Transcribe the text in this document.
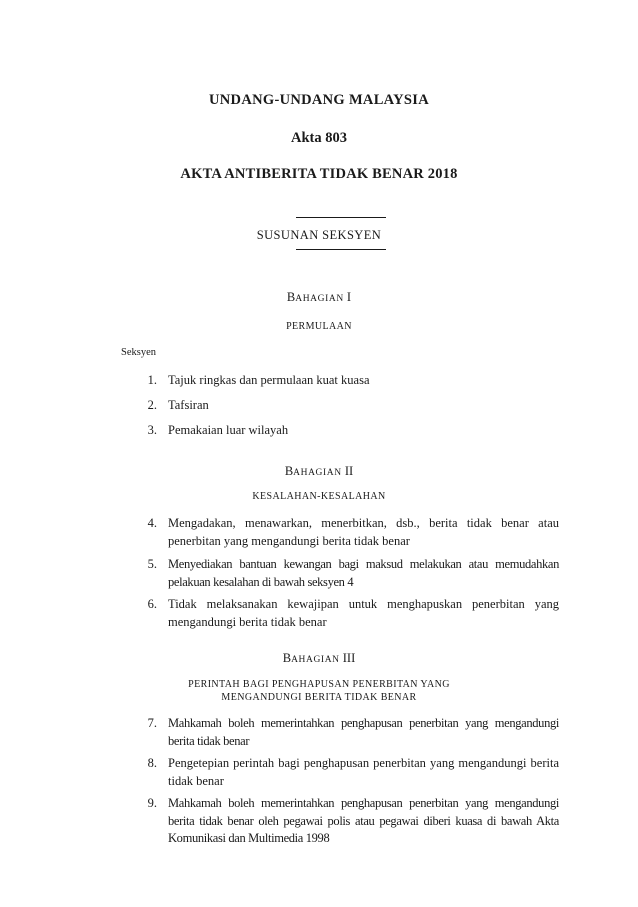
UNDANG-UNDANG MALAYSIA
Akta 803
AKTA ANTIBERITA TIDAK BENAR 2018
SUSUNAN SEKSYEN
BAHAGIAN I
PERMULAAN
Seksyen
1. Tajuk ringkas dan permulaan kuat kuasa
2. Tafsiran
3. Pemakaian luar wilayah
BAHAGIAN II
KESALAHAN-KESALAHAN
4. Mengadakan, menawarkan, menerbitkan, dsb., berita tidak benar atau penerbitan yang mengandungi berita tidak benar
5. Menyediakan bantuan kewangan bagi maksud melakukan atau memudahkan pelakuan kesalahan di bawah seksyen 4
6. Tidak melaksanakan kewajipan untuk menghapuskan penerbitan yang mengandungi berita tidak benar
BAHAGIAN III
PERINTAH BAGI PENGHAPUSAN PENERBITAN YANG
MENGANDUNGI BERITA TIDAK BENAR
7. Mahkamah boleh memerintahkan penghapusan penerbitan yang mengandungi berita tidak benar
8. Pengetepian perintah bagi penghapusan penerbitan yang mengandungi berita tidak benar
9. Mahkamah boleh memerintahkan penghapusan penerbitan yang mengandungi berita tidak benar oleh pegawai polis atau pegawai diberi kuasa di bawah Akta Komunikasi dan Multimedia 1998
